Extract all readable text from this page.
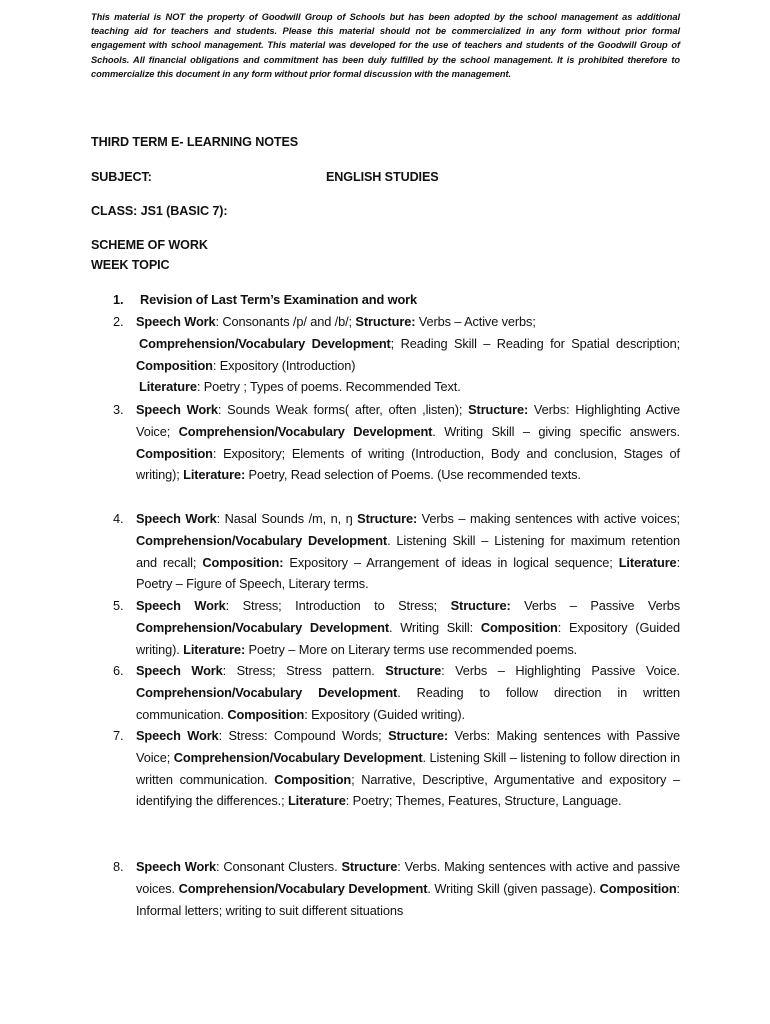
This material is NOT the property of Goodwill Group of Schools but has been adopted by the school management as additional teaching aid for teachers and students. Please this material should not be commercialized in any form without prior formal engagement with school management. This material was developed for the use of teachers and students of the Goodwill Group of Schools. All financial obligations and commitment has been duly fulfilled by the school management. It is prohibited therefore to commercialize this document in any form without prior formal discussion with the management.
THIRD TERM E- LEARNING NOTES
SUBJECT:	ENGLISH STUDIES
CLASS: JS1 (BASIC 7):
SCHEME OF WORK
WEEK TOPIC
1. Revision of Last Term’s Examination and work
2. Speech Work: Consonants /p/ and /b/; Structure: Verbs – Active verbs;
Comprehension/Vocabulary Development; Reading Skill – Reading for Spatial description; Composition: Expository (Introduction)
Literature: Poetry ; Types of poems. Recommended Text.
3. Speech Work: Sounds Weak forms( after, often ,listen); Structure: Verbs: Highlighting Active Voice; Comprehension/Vocabulary Development. Writing Skill – giving specific answers. Composition: Expository; Elements of writing (Introduction, Body and conclusion, Stages of writing); Literature: Poetry, Read selection of Poems. (Use recommended texts.
4. Speech Work: Nasal Sounds /m, n, ŋ Structure: Verbs – making sentences with active voices; Comprehension/Vocabulary Development. Listening Skill – Listening for maximum retention and recall; Composition: Expository – Arrangement of ideas in logical sequence; Literature: Poetry – Figure of Speech, Literary terms.
5. Speech Work: Stress; Introduction to Stress; Structure: Verbs – Passive Verbs Comprehension/Vocabulary Development. Writing Skill: Composition: Expository (Guided writing). Literature: Poetry – More on Literary terms use recommended poems.
6. Speech Work: Stress; Stress pattern. Structure: Verbs – Highlighting Passive Voice. Comprehension/Vocabulary Development. Reading to follow direction in written communication. Composition: Expository (Guided writing).
7. Speech Work: Stress: Compound Words; Structure: Verbs: Making sentences with Passive Voice; Comprehension/Vocabulary Development. Listening Skill – listening to follow direction in written communication. Composition; Narrative, Descriptive, Argumentative and expository – identifying the differences.; Literature: Poetry; Themes, Features, Structure, Language.
8. Speech Work: Consonant Clusters. Structure: Verbs. Making sentences with active and passive voices. Comprehension/Vocabulary Development. Writing Skill (given passage). Composition: Informal letters; writing to suit different situations
